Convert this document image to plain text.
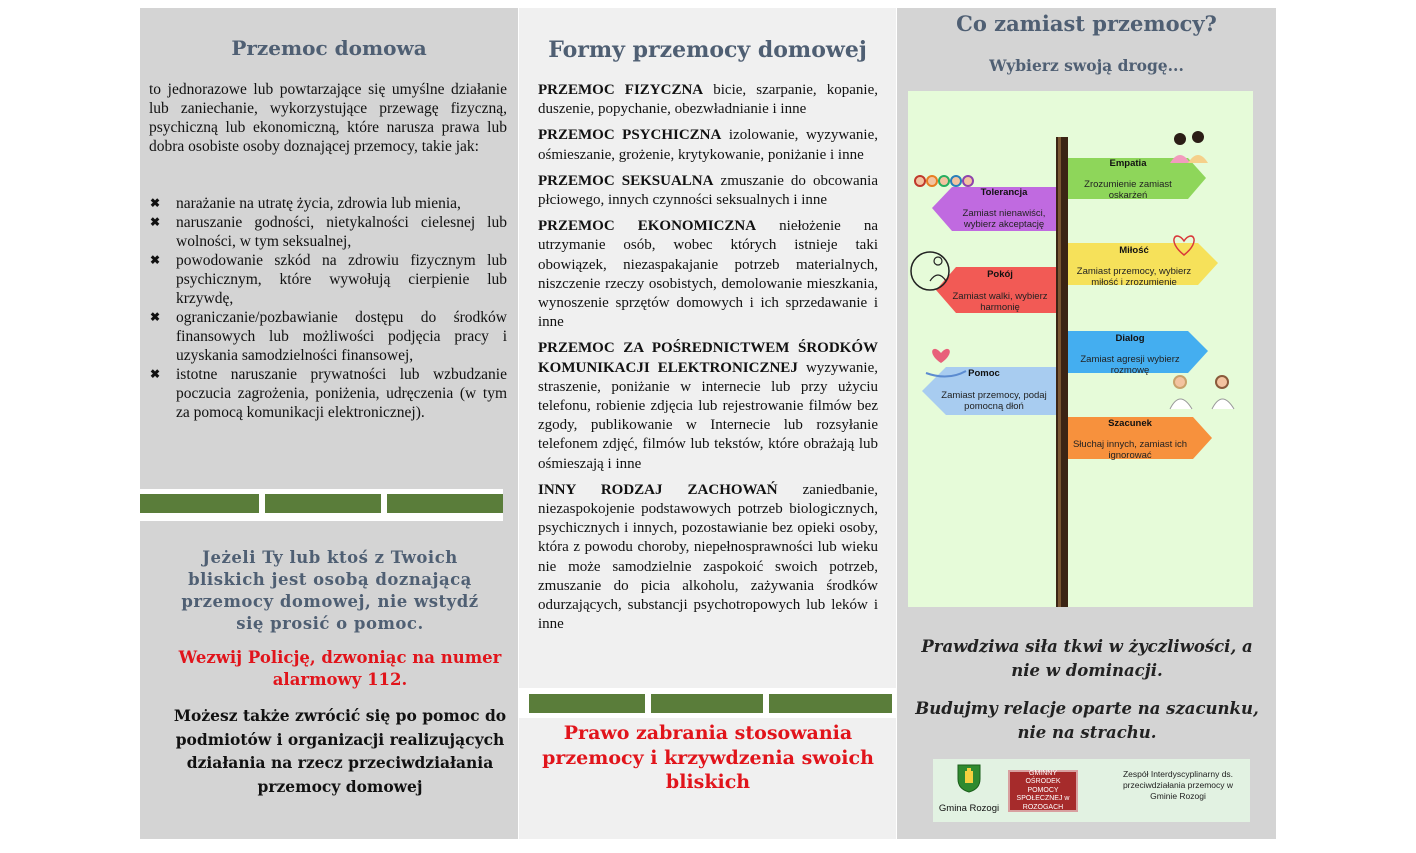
Przemoc domowa
to jednorazowe lub powtarzające się umyślne działanie lub zaniechanie, wykorzystujące przewagę fizyczną, psychiczną lub ekonomiczną, które narusza prawa lub dobra osobiste osoby doznającej przemocy, takie jak:
✖ narażanie na utratę życia, zdrowia lub mienia,
✖ naruszanie godności, nietykalności cielesnej lub wolności, w tym seksualnej,
✖ powodowanie szkód na zdrowiu fizycznym lub psychicznym, które wywołują cierpienie lub krzywdę,
✖ ograniczanie/pozbawianie dostępu do środków finansowych lub możliwości podjęcia pracy i uzyskania samodzielności finansowej,
✖ istotne naruszanie prywatności lub wzbudzanie poczucia zagrożenia, poniżenia, udręczenia (w tym za pomocą komunikacji elektronicznej).
Jeżeli Ty lub ktoś z Twoich bliskich jest osobą doznającą przemocy domowej, nie wstydź się prosić o pomoc.
Wezwij Policję, dzwoniąc na numer alarmowy 112.
Możesz także zwrócić się po pomoc do podmiotów i organizacji realizujących działania na rzecz przeciwdziałania przemocy domowej
Formy przemocy domowej
PRZEMOC FIZYCZNA bicie, szarpanie, kopanie, duszenie, popychanie, obezwładnianie i inne
PRZEMOC PSYCHICZNA izolowanie, wyzywanie, ośmieszanie, grożenie, krytykowanie, poniżanie i inne
PRZEMOC SEKSUALNA zmuszanie do obcowania płciowego, innych czynności seksualnych i inne
PRZEMOC EKONOMICZNA niełożenie na utrzymanie osób, wobec których istnieje taki obowiązek, niezaspakajanie potrzeb materialnych, niszczenie rzeczy osobistych, demolowanie mieszkania, wynoszenie sprzętów domowych i ich sprzedawanie i inne
PRZEMOC ZA POŚREDNICTWEM ŚRODKÓW KOMUNIKACJI ELEKTRONICZNEJ wyzywanie, straszenie, poniżanie w internecie lub przy użyciu telefonu, robienie zdjęcia lub rejestrowanie filmów bez zgody, publikowanie w Internecie lub rozsyłanie telefonem zdjęć, filmów lub tekstów, które obrażają lub ośmieszają i inne
INNY RODZAJ ZACHOWAŃ zaniedbanie, niezaspokojenie podstawowych potrzeb biologicznych, psychicznych i innych, pozostawianie bez opieki osoby, która z powodu choroby, niepełnosprawności lub wieku nie może samodzielnie zaspokoić swoich potrzeb, zmuszanie do picia alkoholu, zażywania środków odurzających, substancji psychotropowych lub leków i inne
Prawo zabrania stosowania przemocy i krzywdzenia swoich bliskich
Co zamiast przemocy?
Wybierz swoją drogę...
Empatia
Zrozumienie zamiast oskarżeń
Tolerancja
Zamiast nienawiści, wybierz akceptację
Miłość
Zamiast przemocy, wybierz miłość i zrozumienie
Pokój
Zamiast walki, wybierz harmonię
Dialog
Zamiast agresji wybierz rozmowę
Pomoc
Zamiast przemocy, podaj pomocną dłoń
Szacunek
Słuchaj innych, zamiast ich ignorować
Prawdziwa siła tkwi w życzliwości, a nie w dominacji.
Budujmy relacje oparte na szacunku, nie na strachu.
Gmina Rozogi
GMINNY OŚRODEK POMOCY SPOŁECZNEJ w ROZOGACH
Zespół Interdyscyplinarny ds. przeciwdziałania przemocy w Gminie Rozogi
